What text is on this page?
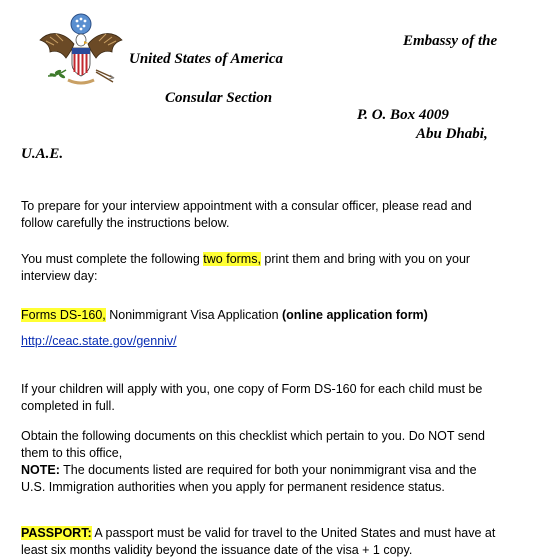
Embassy of the
United States of America
Consular Section
P. O. Box 4009
Abu Dhabi,
U.A.E.
To prepare for your interview appointment with a consular officer, please read and
follow carefully the instructions below.
You must complete the following two forms, print them and bring with you on your
interview day:
Forms DS-160, Nonimmigrant Visa Application (online application form)
http://ceac.state.gov/genniv/
If your children will apply with you, one copy of Form DS-160 for each child must be
completed in full.
Obtain the following documents on this checklist which pertain to you. Do NOT send
them to this office,
NOTE: The documents listed are required for both your nonimmigrant visa and the
U.S. Immigration authorities when you apply for permanent residence status.
PASSPORT: A passport must be valid for travel to the United States and must have at
least six months validity beyond the issuance date of the visa + 1 copy.
